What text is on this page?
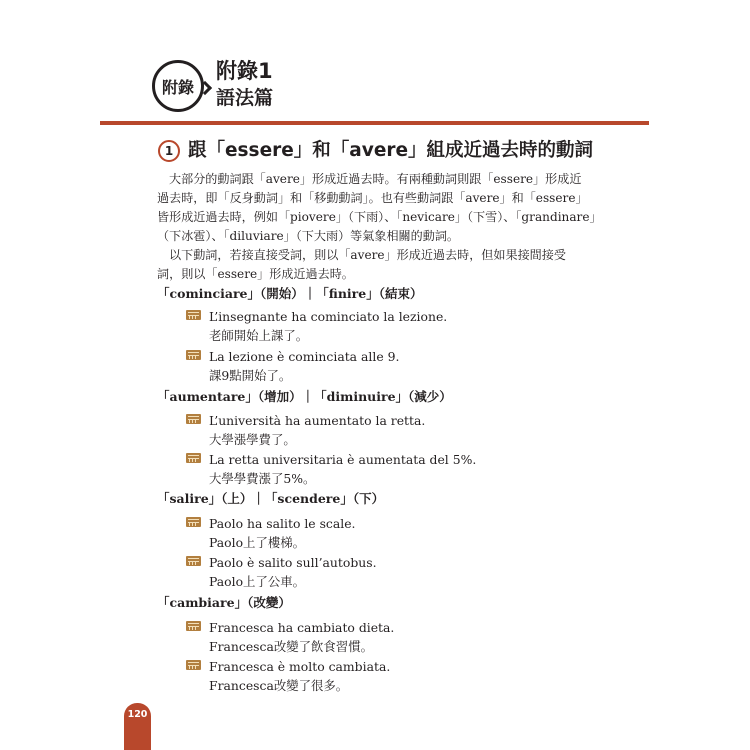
附錄
附錄1
語法篇
1 跟「essere」和「avere」組成近過去時的動詞
大部分的動詞跟「avere」形成近過去時。有兩種動詞則跟「essere」形成近
過去時，即「反身動詞」和「移動動詞」。也有些動詞跟「avere」和「essere」
皆形成近過去時，例如「piovere」（下雨）、「nevicare」（下雪）、「grandinare」
（下冰雹）、「diluviare」（下大雨）等氣象相關的動詞。
以下動詞，若接直接受詞，則以「avere」形成近過去時，但如果接間接受
詞，則以「essere」形成近過去時。
「cominciare」（開始）｜「finire」（結束）
L’insegnante ha cominciato la lezione.
老師開始上課了。
La lezione è cominciata alle 9.
課9點開始了。
「aumentare」（增加）｜「diminuire」（減少）
L’università ha aumentato la retta.
大學漲學費了。
La retta universitaria è aumentata del 5%.
大學學費漲了5%。
「salire」（上）｜「scendere」（下）
Paolo ha salito le scale.
Paolo上了樓梯。
Paolo è salito sull’autobus.
Paolo上了公車。
「cambiare」（改變）
Francesca ha cambiato dieta.
Francesca改變了飲食習慣。
Francesca è molto cambiata.
Francesca改變了很多。
120
